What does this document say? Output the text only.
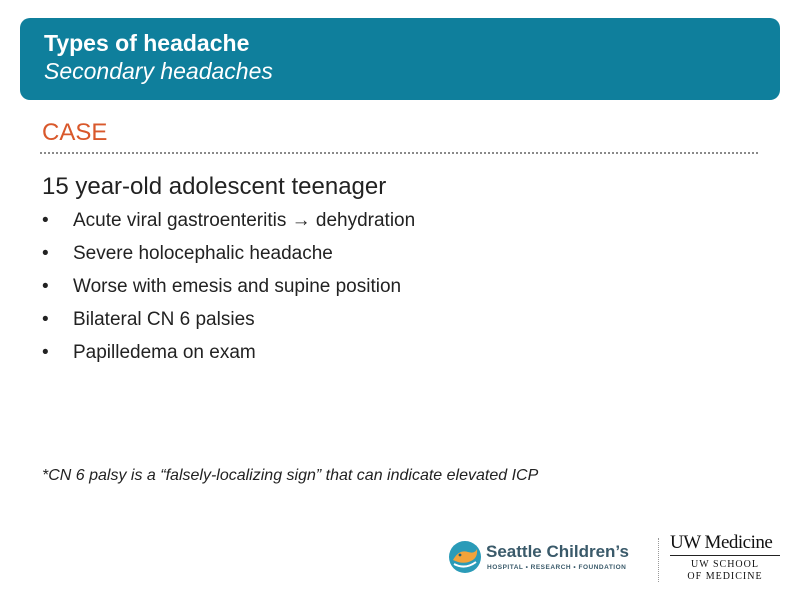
Types of headache
Secondary headaches
CASE
15 year-old adolescent teenager
• Acute viral gastroenteritis → dehydration
• Severe holocephalic headache
• Worse with emesis and supine position
• Bilateral CN 6 palsies
• Papilledema on exam
*CN 6 palsy is a “falsely-localizing sign” that can indicate elevated ICP
Seattle Children’s
HOSPITAL • RESEARCH • FOUNDATION
UW Medicine
UW SCHOOL
OF MEDICINE
